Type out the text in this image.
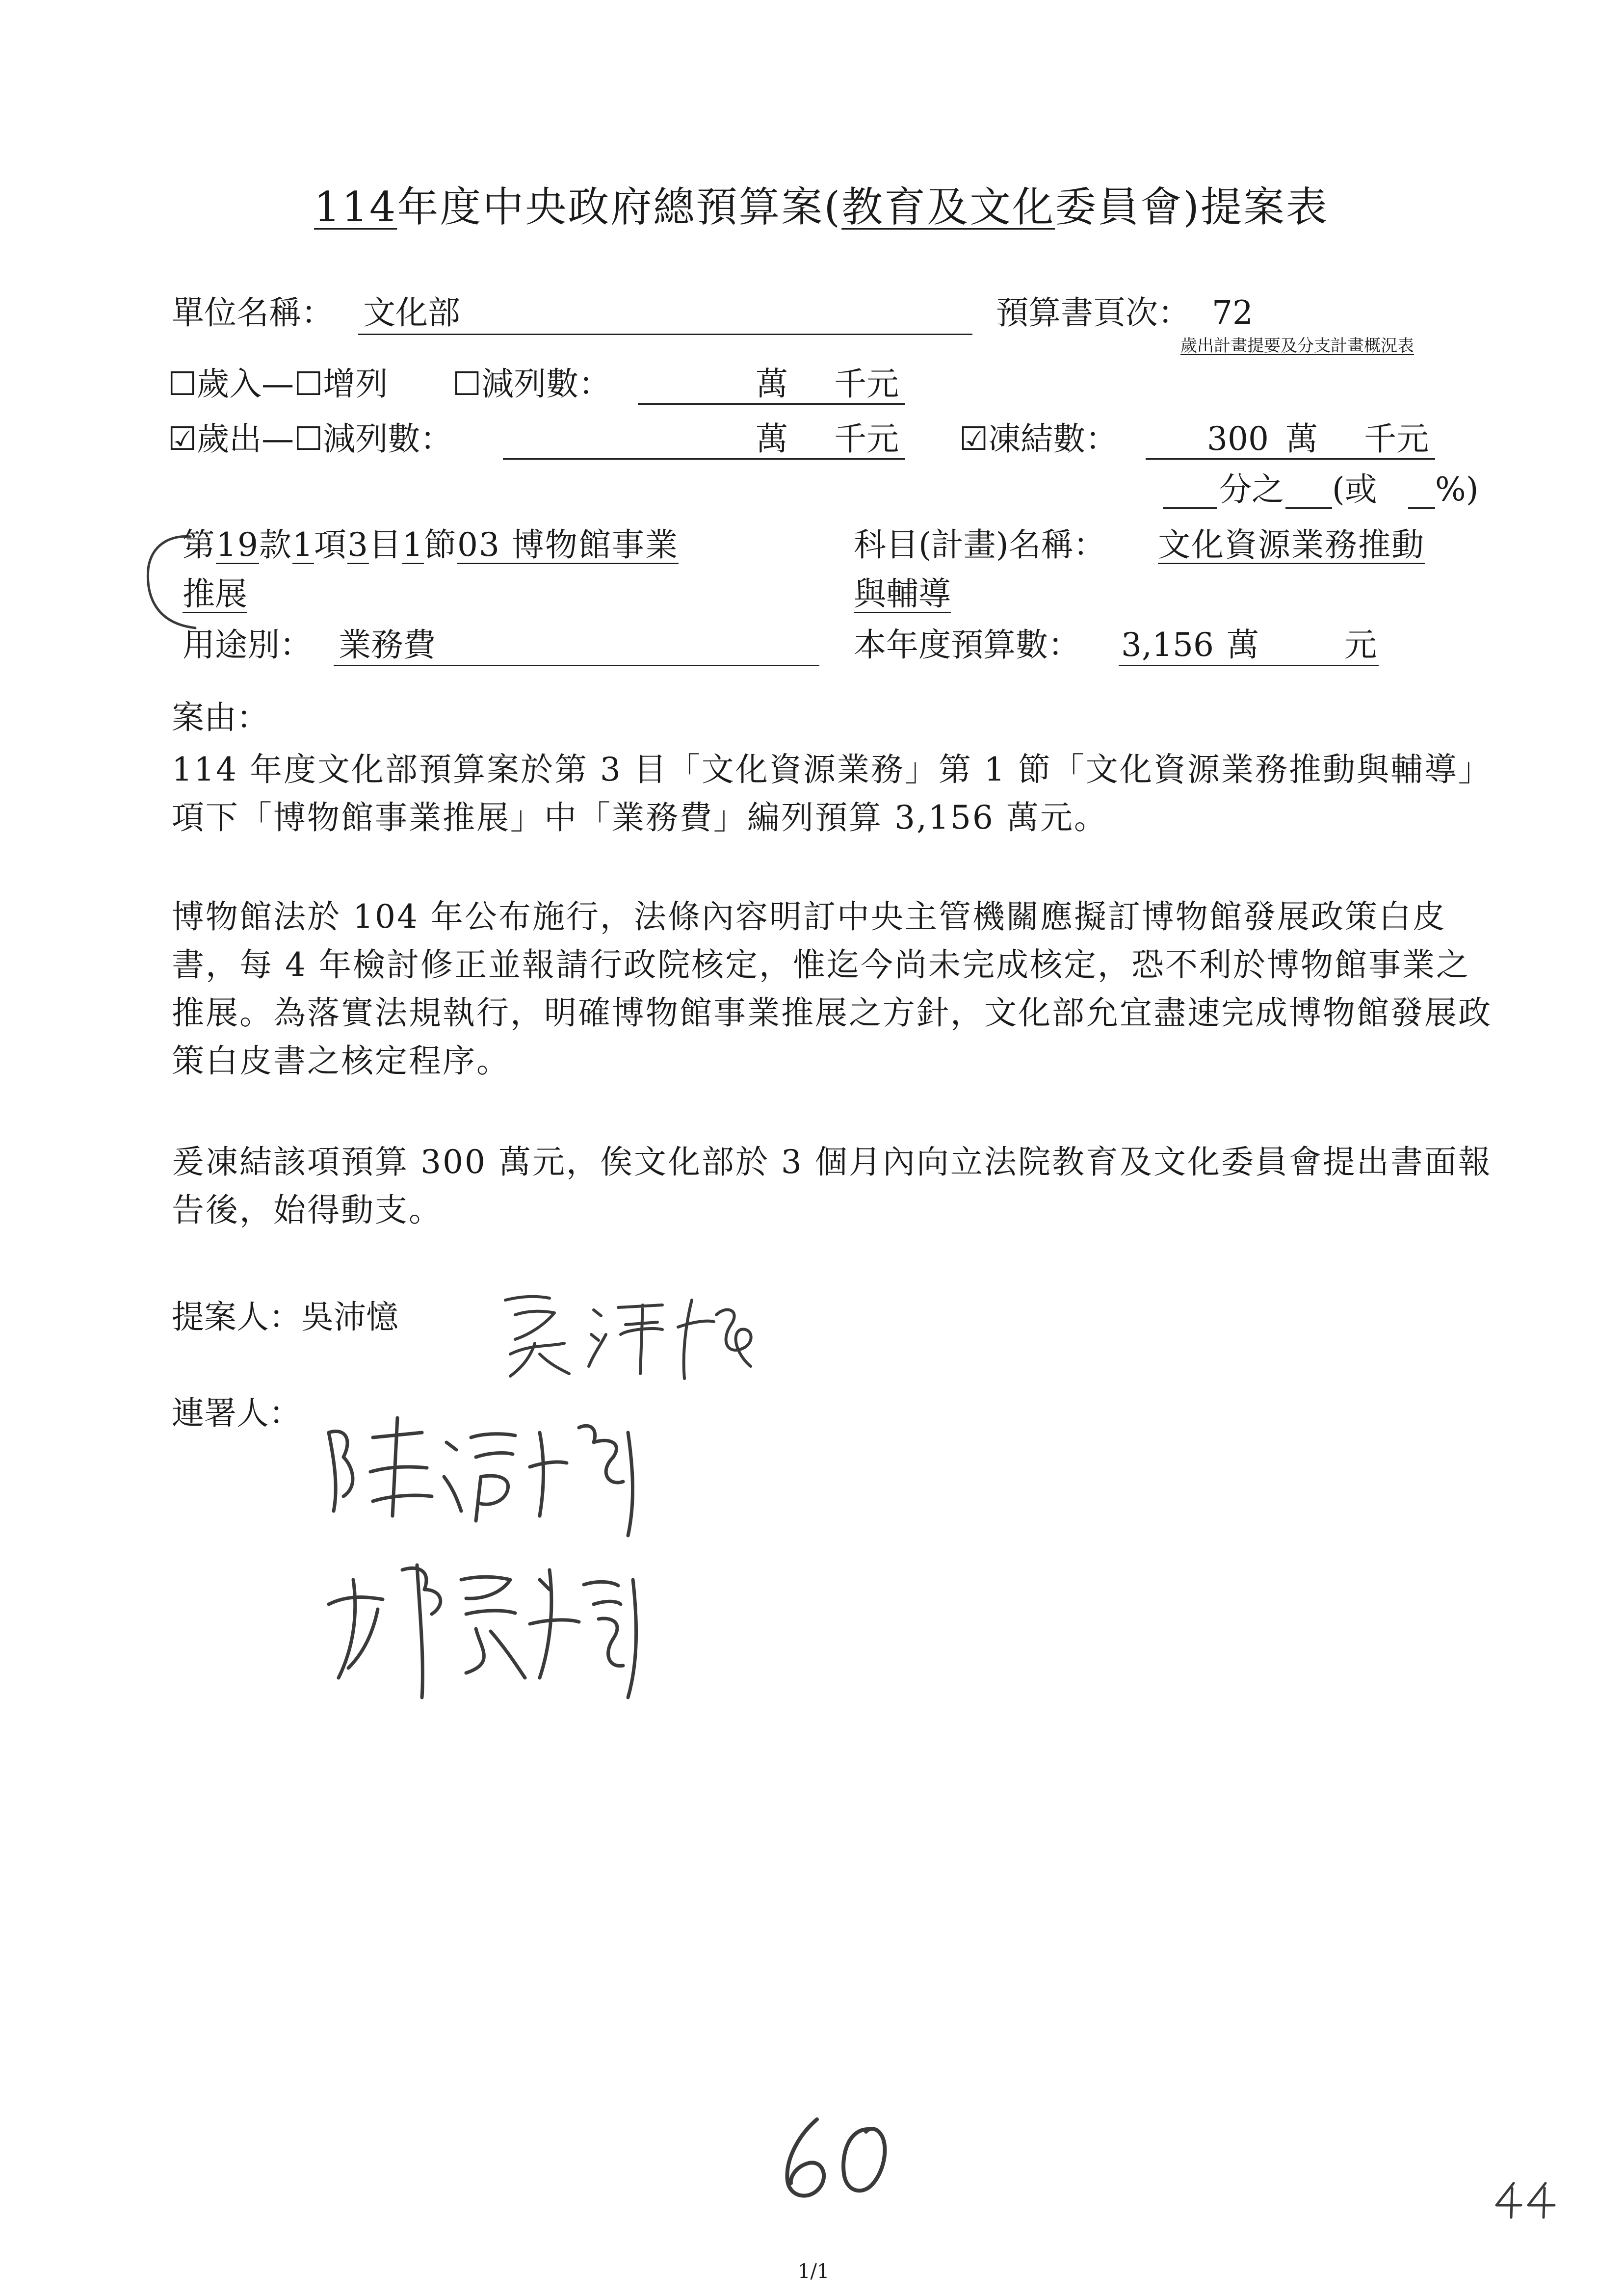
114年度中央政府總預算案(教育及文化委員會)提案表
單位名稱： 文化部	預算書頁次： 72
歲出計畫提要及分支計畫概況表
☐歲入—☐增列 ☐減列數：	萬 千元
☑歲出—☐減列數：	萬 千元 ☑凍結數：	300 萬 千元
分之 (或 %)
第19款1項3目1節03 博物館事業
推展
科目(計畫)名稱： 文化資源業務推動
與輔導
用途別： 業務費	本年度預算數： 3,156 萬	元
案由：

114 年度文化部預算案於第 3 目「文化資源業務」第 1 節「文化資源業務推動與輔導」項下「博物館事業推展」中「業務費」編列預算 3,156 萬元。

博物館法於 104 年公布施行，法條內容明訂中央主管機關應擬訂博物館發展政策白皮書，每 4 年檢討修正並報請行政院核定，惟迄今尚未完成核定，恐不利於博物館事業之推展。為落實法規執行，明確博物館事業推展之方針，文化部允宜盡速完成博物館發展政策白皮書之核定程序。

爰凍結該項預算 300 萬元，俟文化部於 3 個月內向立法院教育及文化委員會提出書面報告後，始得動支。

提案人：吳沛憶
連署人：
1/1
